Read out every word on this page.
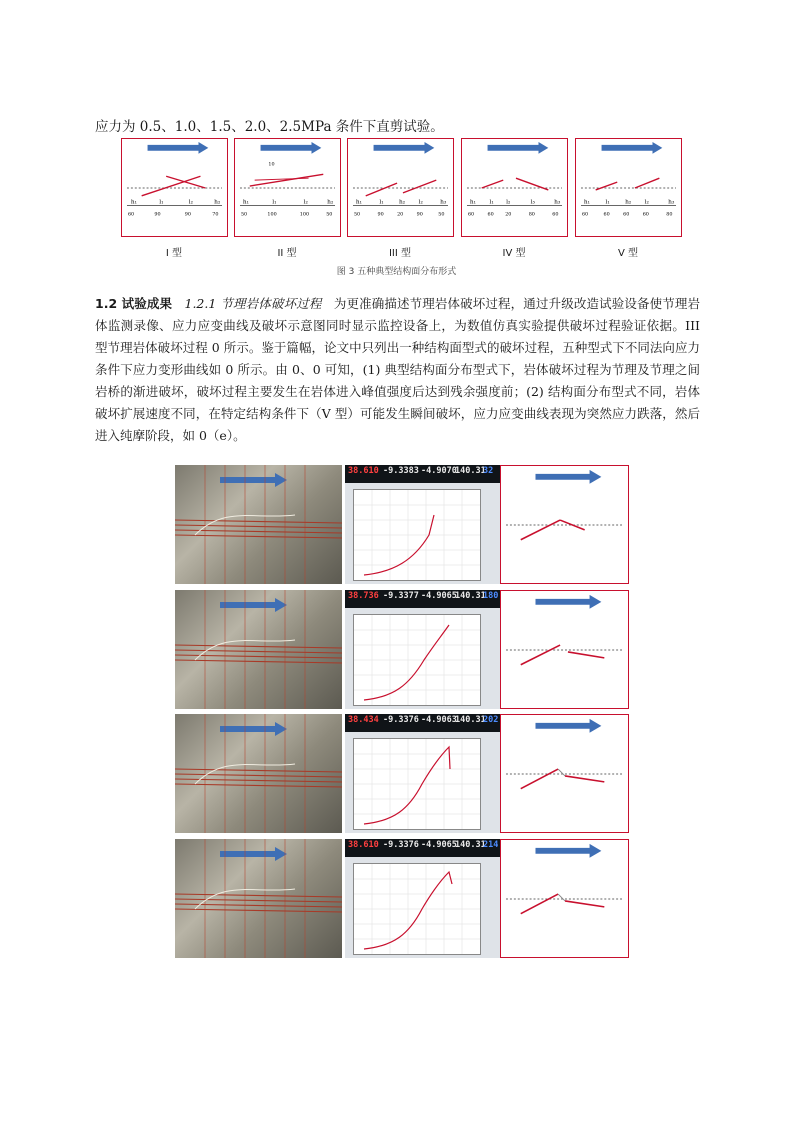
应力为 0.5、1.0、1.5、2.0、2.5MPa 条件下直剪试验。

h₁	l₁	l₂	h₂
60	90	90	70
10
h₁	l₁	l₂	h₂
50	100	100	50
h₁	l₁	h₂ l₂	h₃
50	90	20	90	50
h₁ l₁ l₂	l₃	h₃
60	60 20	80	60
h₁	l₁	h₂ l₂	h₃
60	60	60	60	80
I 型	II 型	III 型	IV 型	V 型
图 3 五种典型结构面分布形式
1.2 试验成果 1.2.1 节理岩体破坏过程 为更准确描述节理岩体破坏过程，通过升级改造试验设备使节理岩体监测录像、应力应变曲线及破坏示意图同时显示监控设备上，为数值仿真实验提供破坏过程验证依据。III 型节理岩体破坏过程 0 所示。鉴于篇幅，论文中只列出一种结构面型式的破坏过程，五种型式下不同法向应力条件下应力变形曲线如 0 所示。由 0、0 可知，(1) 典型结构面分布型式下，岩体破坏过程为节理及节理之间岩桥的渐进破坏，破坏过程主要发生在岩体进入峰值强度后达到残余强度前；(2) 结构面分布型式不同，岩体破坏扩展速度不同，在特定结构条件下（V 型）可能发生瞬间破坏，应力应变曲线表现为突然应力跌落，然后进入纯摩阶段，如 0（e）。
38.610 -9.3383 -4.9070
140.31
32
38.736 -9.3377 -4.9065
140.31
180
38.434 -9.3376 -4.9063
140.31
202
38.610 -9.3376 -4.9065
140.31
214
